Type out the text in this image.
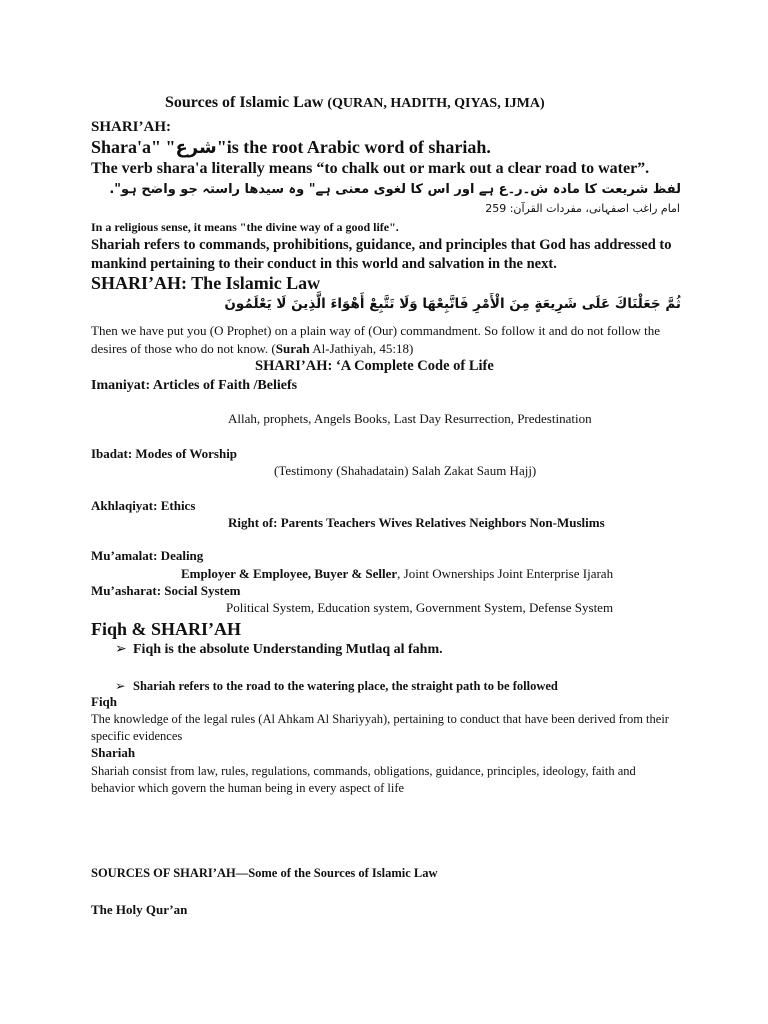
Sources of Islamic Law (QURAN, HADITH, QIYAS, IJMA)
SHARI’AH:
Shara'a" "شرع"is the root Arabic word of shariah.
The verb shara'a literally means “to chalk out or mark out a clear road to water”.
لفظ شریعت کا مادہ ش۔ر۔ع ہے اور اس کا لغوی معنی ہے" وہ سیدھا راستہ جو واضح ہو".
امام راغب اصفہانی، مفردات القرآن: 259
In a religious sense, it means "the divine way of a good life".
Shariah refers to commands, prohibitions, guidance, and principles that God has addressed to mankind pertaining to their conduct in this world and salvation in the next.
SHARI’AH: The Islamic Law
ثُمَّ جَعَلْنَاكَ عَلَى شَرِيعَةٍ مِنَ الْأَمْرِ فَاتَّبِعْهَا وَلَا تَتَّبِعْ أَهْوَاءَ الَّذِينَ لَا يَعْلَمُونَ
Then we have put you (O Prophet) on a plain way of (Our) commandment. So follow it and do not follow the desires of those who do not know. (Surah Al-Jathiyah, 45:18)
SHARI’AH: ‘A Complete Code of Life
Imaniyat: Articles of Faith /Beliefs
Allah, prophets, Angels Books, Last Day Resurrection, Predestination
Ibadat: Modes of Worship
(Testimony (Shahadatain) Salah Zakat Saum Hajj)
Akhlaqiyat: Ethics
Right of: Parents Teachers Wives Relatives Neighbors Non-Muslims
Mu’amalat: Dealing
Employer & Employee, Buyer & Seller, Joint Ownerships Joint Enterprise Ijarah
Mu’asharat: Social System
Political System, Education system, Government System, Defense System
Fiqh & SHARI’AH
➢ Fiqh is the absolute Understanding Mutlaq al fahm.
➢ Shariah refers to the road to the watering place, the straight path to be followed
Fiqh
The knowledge of the legal rules (Al Ahkam Al Shariyyah), pertaining to conduct that have been derived from their specific evidences
Shariah
Shariah consist from law, rules, regulations, commands, obligations, guidance, principles, ideology, faith and behavior which govern the human being in every aspect of life
SOURCES OF SHARI’AH—Some of the Sources of Islamic Law
The Holy Qur’an
